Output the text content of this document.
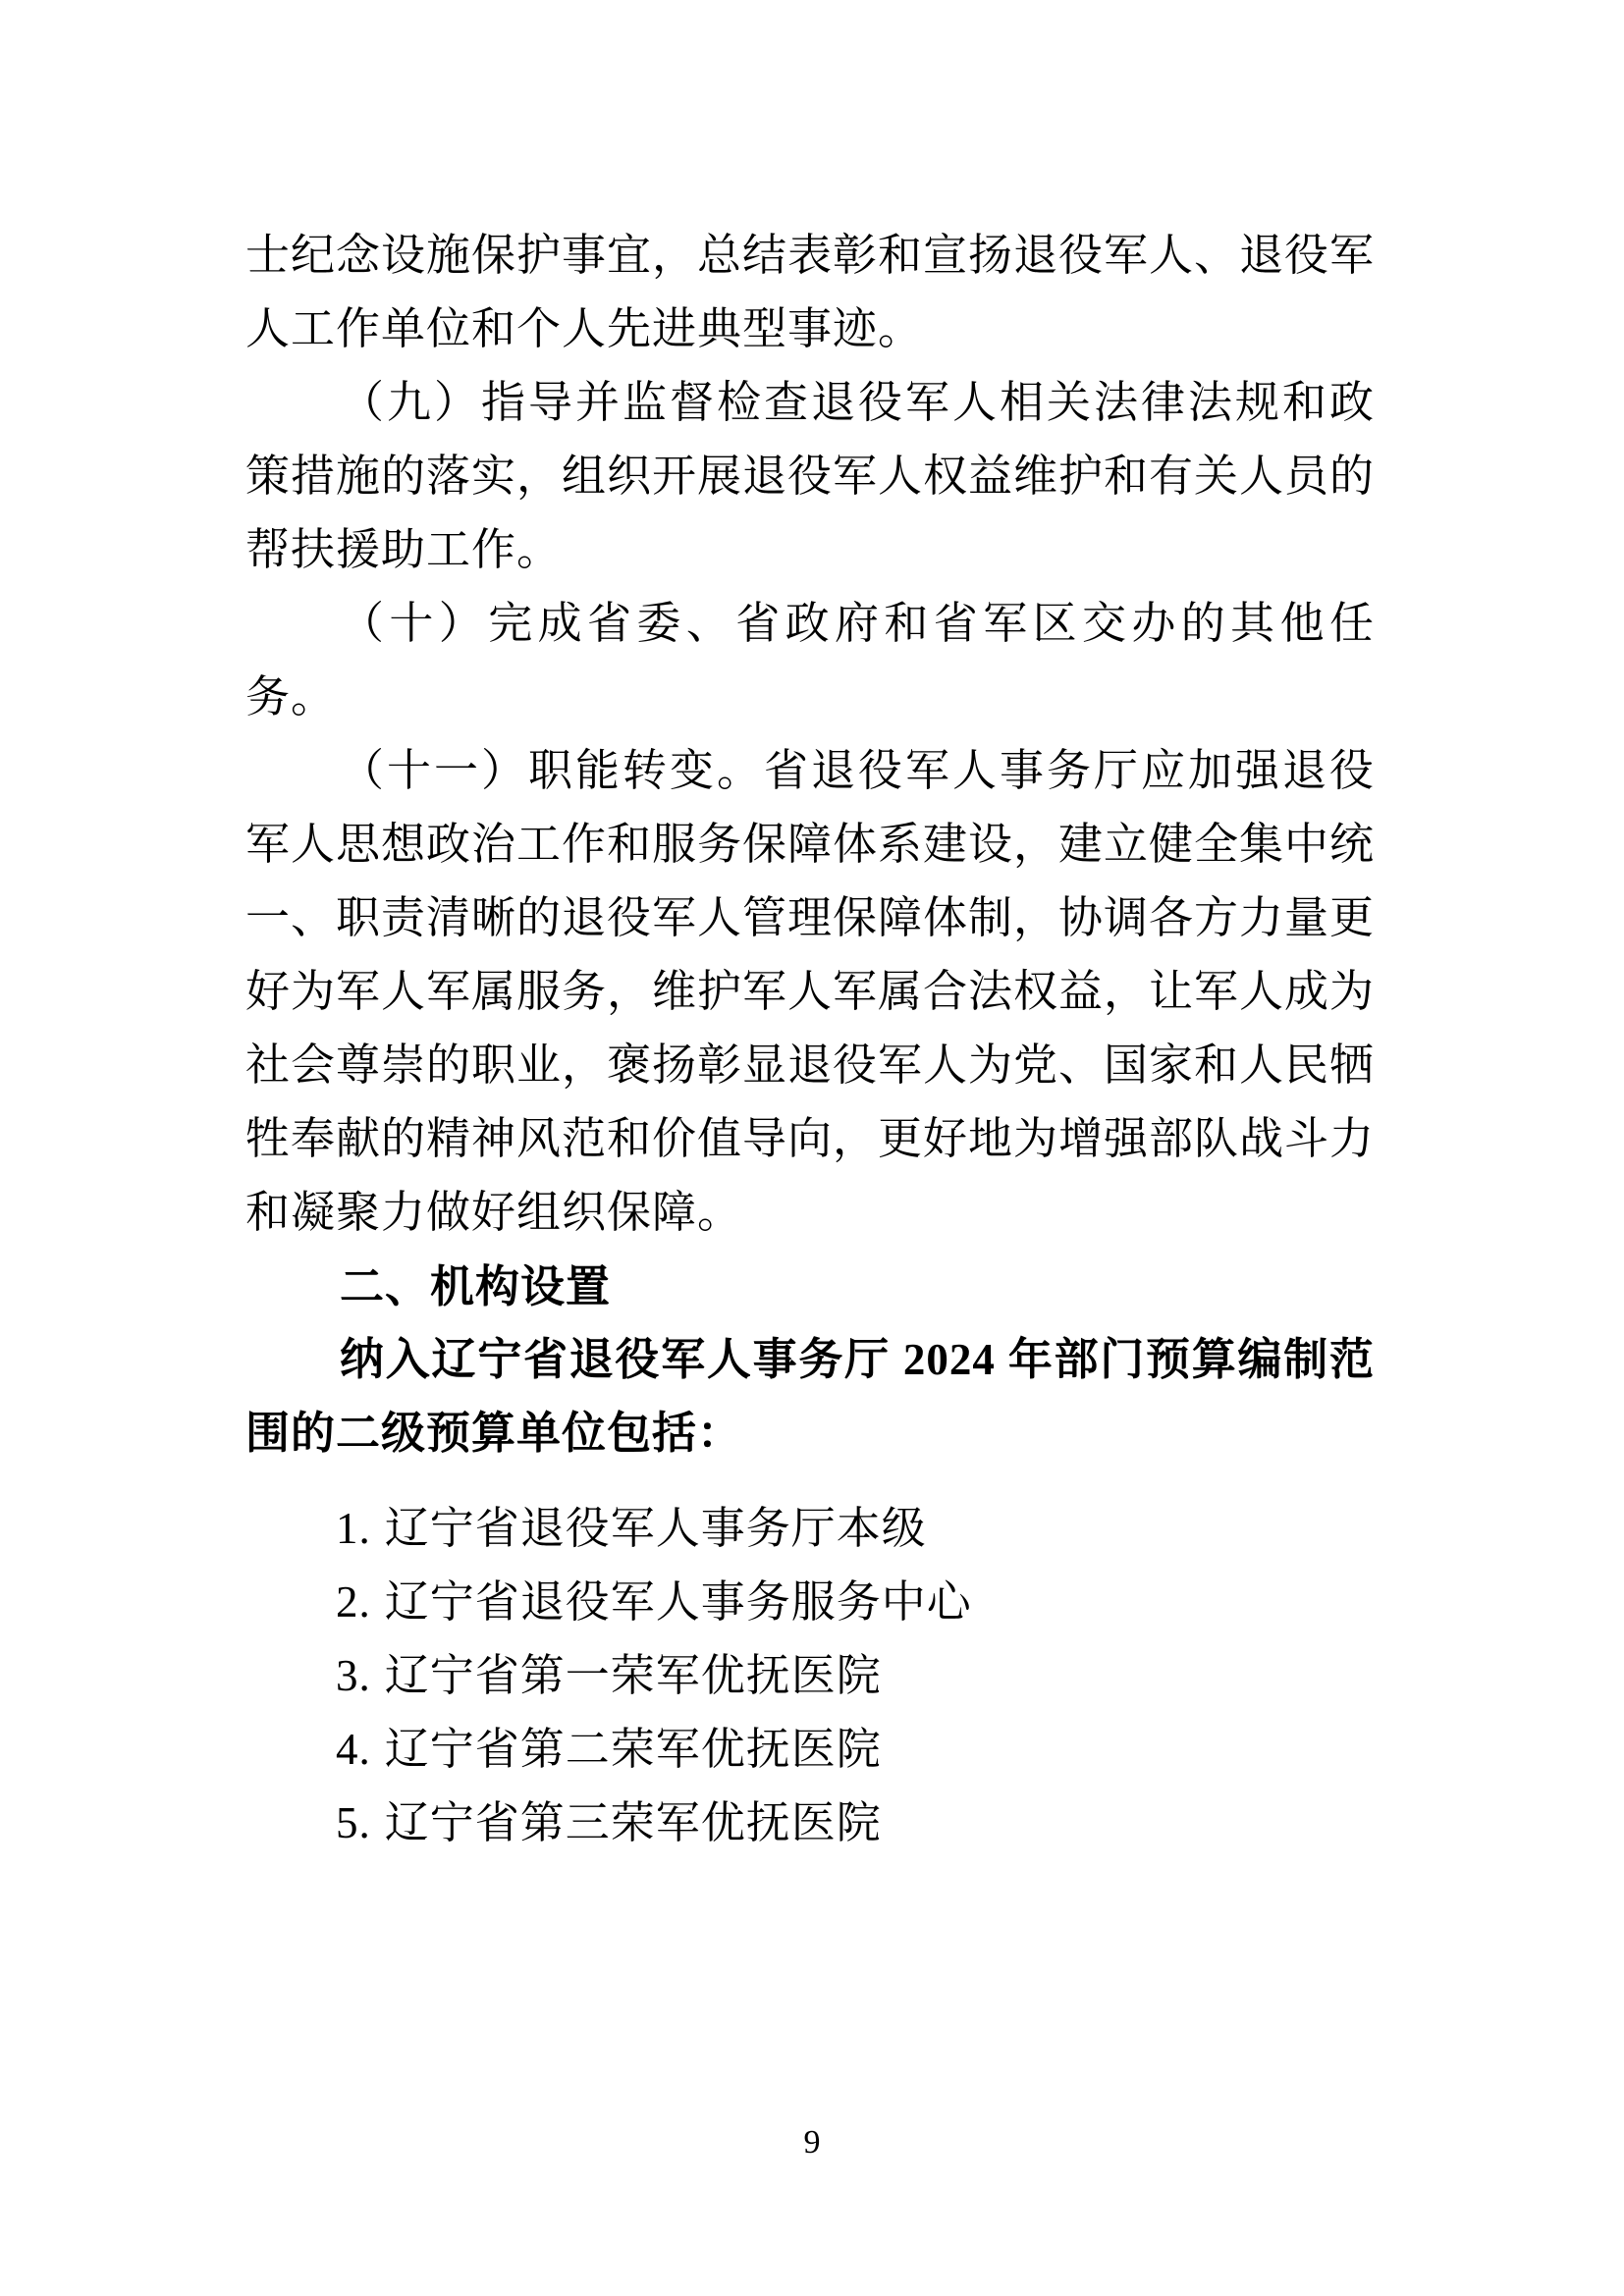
士纪念设施保护事宜，总结表彰和宣扬退役军人、退役军人工作单位和个人先进典型事迹。

（九）指导并监督检查退役军人相关法律法规和政策措施的落实，组织开展退役军人权益维护和有关人员的帮扶援助工作。

（十）完成省委、省政府和省军区交办的其他任务。

（十一）职能转变。省退役军人事务厅应加强退役军人思想政治工作和服务保障体系建设，建立健全集中统一、职责清晰的退役军人管理保障体制，协调各方力量更好为军人军属服务，维护军人军属合法权益，让军人成为社会尊崇的职业，褒扬彰显退役军人为党、国家和人民牺牲奉献的精神风范和价值导向，更好地为增强部队战斗力和凝聚力做好组织保障。

二、机构设置

纳入辽宁省退役军人事务厅 2024 年部门预算编制范围的二级预算单位包括：

1. 辽宁省退役军人事务厅本级
2. 辽宁省退役军人事务服务中心
3. 辽宁省第一荣军优抚医院
4. 辽宁省第二荣军优抚医院
5. 辽宁省第三荣军优抚医院
9
